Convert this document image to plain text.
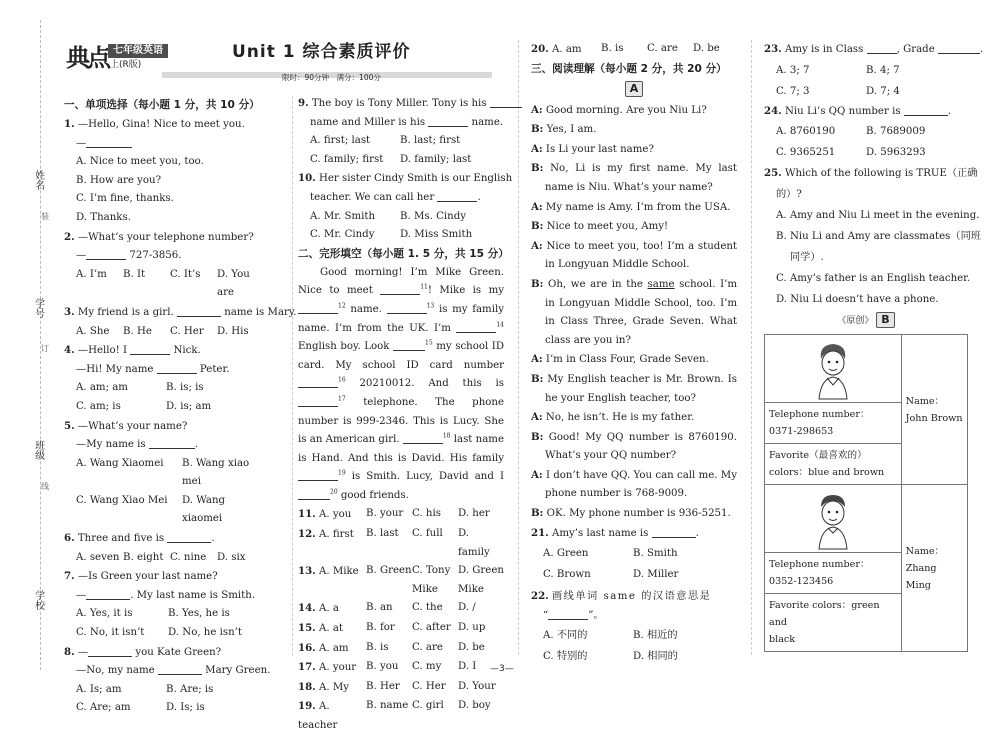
姓名
装
学号
订
班级
线
学校
典点 七年级英语
上(R版)
Unit 1 综合素质评价
限时：90分钟　满分：100分
一、单项选择（每小题 1 分，共 10 分）
1. —Hello, Gina! Nice to meet you.
—
A. Nice to meet you, too.
B. How are you?
C. I’m fine, thanks.
D. Thanks.
2. —What’s your telephone number?
—	727-3856.
A. I’m	B. It	C. It’s	D. You are
3. My friend is a girl.	name is Mary.
A. She	B. He	C. Her	D. His
4. —Hello! I	Nick.
—Hi! My name	Peter.
A. am; am	B. is; is
C. am; is	D. is; am
5. —What’s your name?
—My name is	.
A. Wang Xiaomei	B. Wang xiao mei
C. Wang Xiao Mei	D. Wang xiaomei
6. Three and five is	.
A. seven B. eight C. nine	D. six
7. —Is Green your last name?
—	. My last name is Smith.
A. Yes, it is	B. Yes, he is
C. No, it isn’t	D. No, he isn’t
8. —	you Kate Green?
—No, my name	Mary Green.
A. Is; am	B. Are; is
C. Are; am	D. Is; is
9. The boy is Tony Miller. Tony is his
name and Miller is his	name.
A. first; last	B. last; first
C. family; first	D. family; last
10. Her sister Cindy Smith is our English
teacher. We can call her	.
A. Mr. Smith	B. Ms. Cindy
C. Mr. Cindy	D. Miss Smith
二、完形填空（每小题 1. 5 分，共 15 分）
Good morning! I’m Mike Green. Nice to meet	$^{11}$! Mike is my $^{12}$ name.	$^{13}$ is my family name. I’m from the UK. I’m	$^{14}$ English boy. Look	$^{15}$ my school ID card. My school ID card number $^{16}$ 20210012. And this is $^{17}$ telephone. The phone number is 999-2346. This is Lucy. She is an American girl.	$^{18}$ last name is Hand. And this is David. His family $^{19}$ is Smith. Lucy, David and I $^{20}$ good friends.
11. A. you	B. your C. his	D. her
12. A. first	B. last	C. full	D. family
13. A. Mike B. Green C. Tony Mike
D. Green Mike
14. A. a	B. an	C. the	D. /
15. A. at	B. for	C. after D. up
16. A. am	B. is	C. are	D. be
17. A. your B. you	C. my	D. I
18. A. My	B. Her	C. Her	D. Your
19. A. teacher
B. name C. girl	D. boy
20. A. am	B. is	C. are	D. be
三、阅读理解（每小题 2 分，共 20 分）
A
A: Good morning. Are you Niu Li?
B: Yes, I am.
A: Is Li your last name?
B: No, Li is my first name. My last name is Niu. What’s your name?
A: My name is Amy. I’m from the USA.
B: Nice to meet you, Amy!
A: Nice to meet you, too! I’m a student in Longyuan Middle School.
B: Oh, we are in the same school. I’m in Longyuan Middle School, too. I’m in Class Three, Grade Seven. What class are you in?
A: I’m in Class Four, Grade Seven.
B: My English teacher is Mr. Brown. Is he your English teacher, too?
A: No, he isn’t. He is my father.
B: Good! My QQ number is 8760190. What’s your QQ number?
A: I don’t have QQ. You can call me. My phone number is 768-9009.
B: OK. My phone number is 936-5251.
21. Amy’s last name is	.
A. Green	B. Smith
C. Brown	D. Miller
22. 画线单词 same 的汉语意思是
“	”。
A. 不同的	B. 相近的
C. 特别的	D. 相同的
23. Amy is in Class	, Grade	.
A. 3; 7	B. 4; 7
C. 7; 3	D. 7; 4
24. Niu Li’s QQ number is	.
A. 8760190	B. 7689009
C. 9365251	D. 5963293
25. Which of the following is TRUE（正确
的）?
A. Amy and Niu Li meet in the evening.
B. Niu Li and Amy are classmates（同班
同学）.
C. Amy’s father is an English teacher.
D. Niu Li doesn’t have a phone.
《原创》 B

Name：
John Brown

Telephone number：
0371-298653	

Favorite（最喜欢的）
colors：blue and brown	

Name：
Zhang Ming

Telephone number：
0352-123456	

Favorite colors：green and
black	
—3—
